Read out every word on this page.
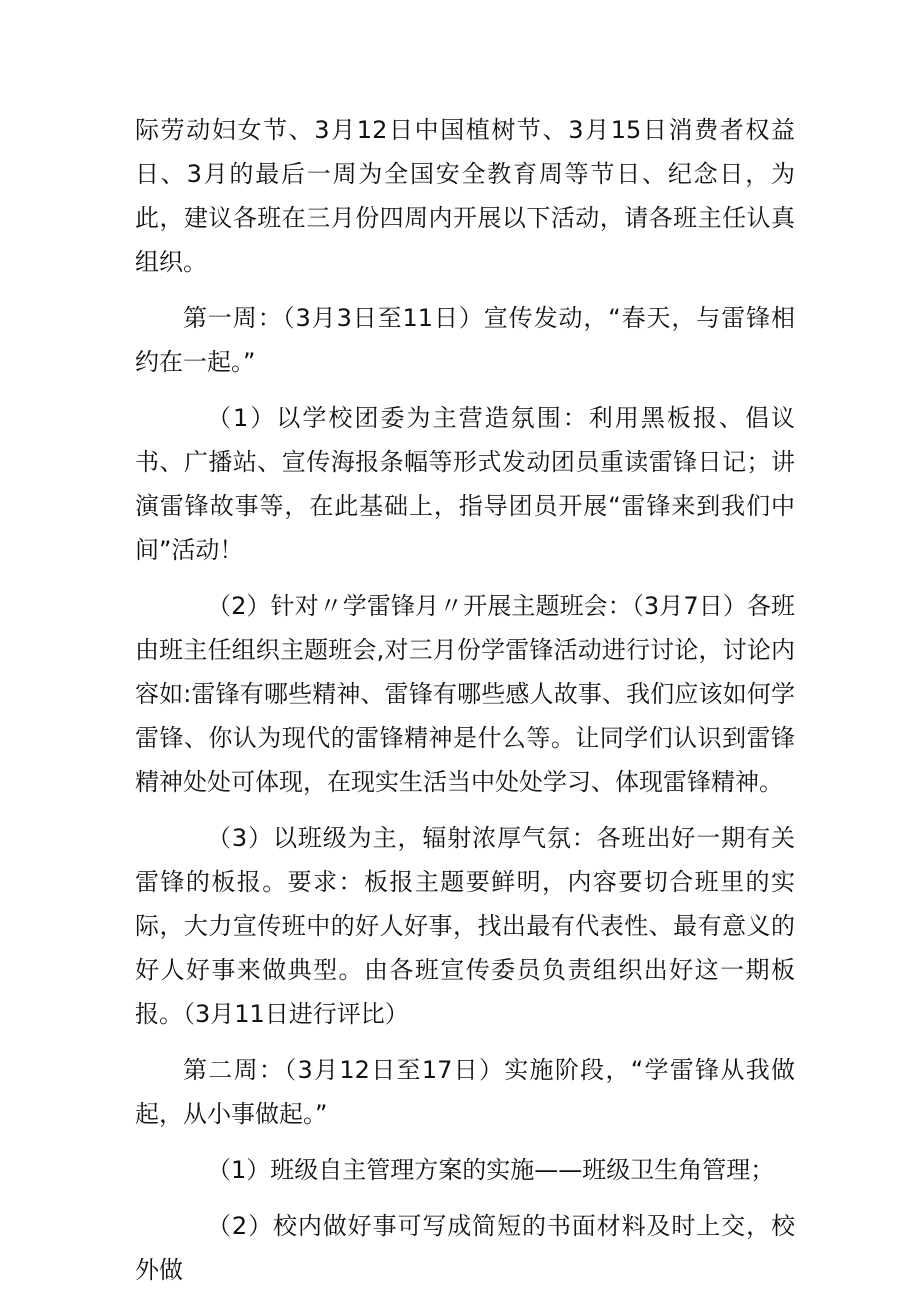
际劳动妇女节、3月12日中国植树节、3月15日消费者权益日、3月的最后一周为全国安全教育周等节日、纪念日，为此，建议各班在三月份四周内开展以下活动，请各班主任认真组织。

第一周：（3月3日至11日）宣传发动，“春天，与雷锋相约在一起。”

（1）以学校团委为主营造氛围：利用黑板报、倡议书、广播站、宣传海报条幅等形式发动团员重读雷锋日记；讲演雷锋故事等，在此基础上，指导团员开展“雷锋来到我们中间”活动！

（2）针对〃学雷锋月〃开展主题班会：（3月7日）各班由班主任组织主题班会,对三月份学雷锋活动进行讨论，讨论内容如:雷锋有哪些精神、雷锋有哪些感人故事、我们应该如何学雷锋、你认为现代的雷锋精神是什么等。让同学们认识到雷锋精神处处可体现，在现实生活当中处处学习、体现雷锋精神。

（3）以班级为主，辐射浓厚气氛：各班出好一期有关雷锋的板报。要求：板报主题要鲜明，内容要切合班里的实际，大力宣传班中的好人好事，找出最有代表性、最有意义的好人好事来做典型。由各班宣传委员负责组织出好这一期板报。（3月11日进行评比）

第二周：（3月12日至17日）实施阶段，“学雷锋从我做起，从小事做起。”

（1）班级自主管理方案的实施——班级卫生角管理；

（2）校内做好事可写成简短的书面材料及时上交，校外做
